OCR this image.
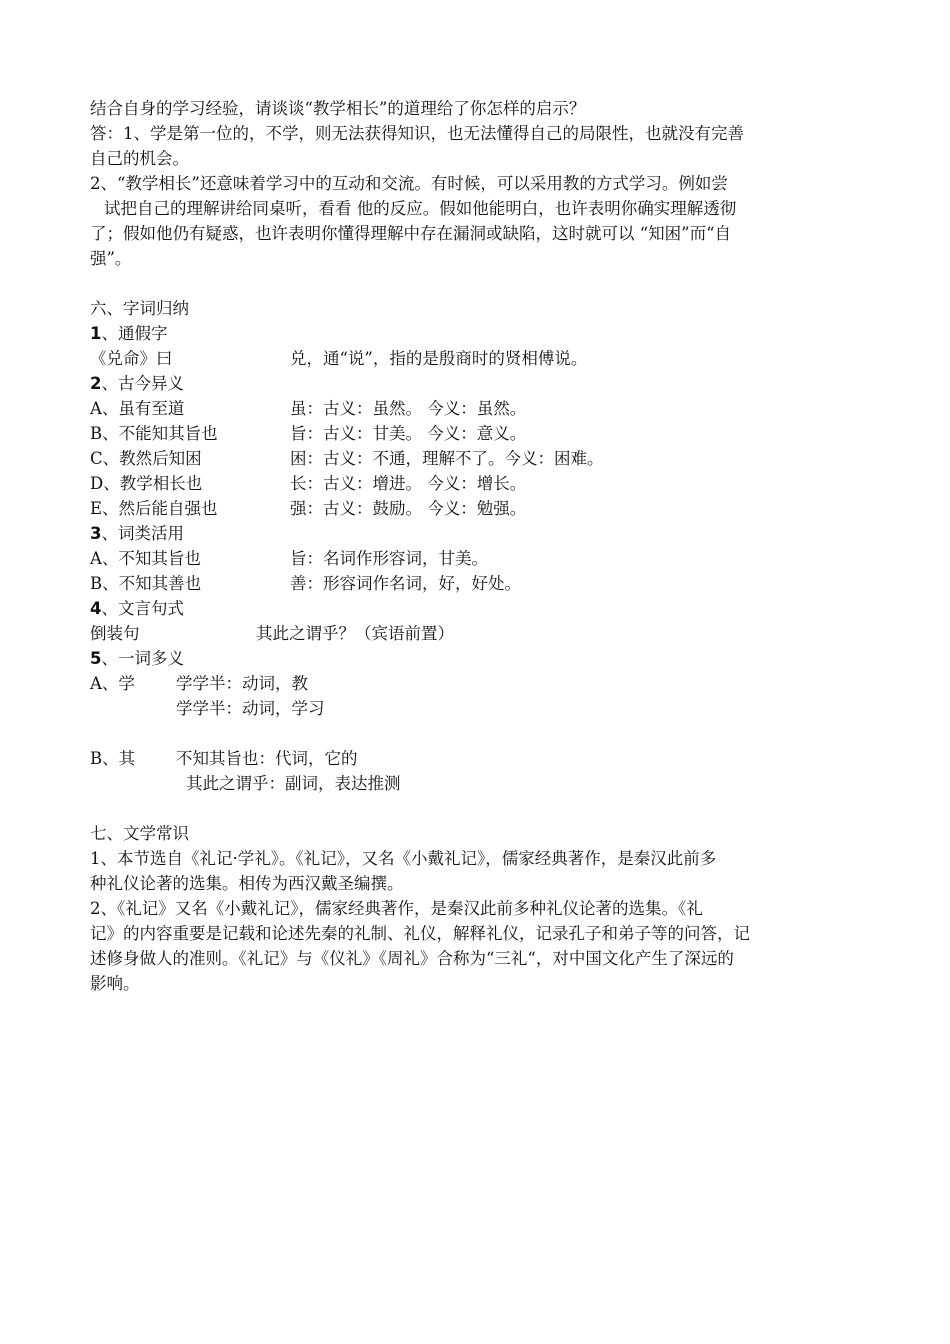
结合自身的学习经验，请谈谈“教学相长”的道理给了你怎样的启示？
答：1、学是第一位的，不学，则无法获得知识，也无法懂得自己的局限性，也就没有完善
自己的机会。
2、“教学相长”还意味着学习中的互动和交流。有时候，可以采用教的方式学习。例如尝
试把自己的理解讲给同桌听，看看 他的反应。假如他能明白，也许表明你确实理解透彻
了；假如他仍有疑惑，也许表明你懂得理解中存在漏洞或缺陷，这时就可以 “知困”而“自
强”。
六、字词归纳
1、通假字
《兑命》曰	兑，通“说”，指的是殷商时的贤相傅说。
2、古今异义
A、虽有至道	虽：古义：虽然。 今义：虽然。
B、不能知其旨也	旨：古义：甘美。 今义：意义。
C、教然后知困	困：古义：不通，理解不了。今义：困难。
D、教学相长也	长：古义：增进。 今义：增长。
E、然后能自强也	强：古义：鼓励。 今义：勉强。
3、词类活用
A、不知其旨也	旨：名词作形容词，甘美。
B、不知其善也	善：形容词作名词，好，好处。
4、文言句式
倒装句	其此之谓乎？（宾语前置）
5、一词多义
A、学 学学半：动词，教
学学半：动词，学习
B、其 不知其旨也：代词，它的
其此之谓乎：副词，表达推测
七、文学常识
1、本节选自《礼记·学礼》。《礼记》，又名《小戴礼记》，儒家经典著作，是秦汉此前多
种礼仪论著的选集。相传为西汉戴圣编撰。
2、《礼记》又名《小戴礼记》，儒家经典著作，是秦汉此前多种礼仪论著的选集。《礼
记》的内容重要是记载和论述先秦的礼制、礼仪，解释礼仪，记录孔子和弟子等的问答，记
述修身做人的准则。《礼记》与《仪礼》《周礼》合称为“三礼“，对中国文化产生了深远的
影响。
